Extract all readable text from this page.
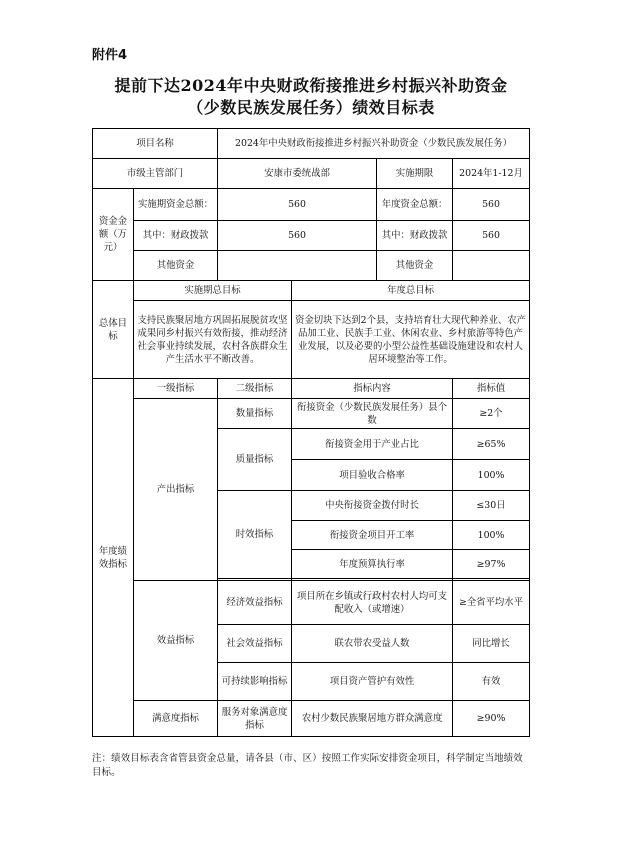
附件4
提前下达2024年中央财政衔接推进乡村振兴补助资金
（少数民族发展任务）绩效目标表
项目名称		2024年中央财政衔接推进乡村振兴补助资金（少数民族发展任务）			
市级主管部门		安康市委统战部		实施期限	2024年1-12月
资金金额（万元）	实施期资金总额：	560		年度资金总额：	560
	其中：财政拨款	560		其中：财政拨款	560
	其他资金			其他资金	
总体目标	实施期总目标		年度总目标		
	支持民族聚居地方巩固拓展脱贫攻坚成果同乡村振兴有效衔接，推动经济社会事业持续发展，农村各族群众生产生活水平不断改善。		资金切块下达到2个县，支持培育壮大现代种养业、农产品加工业、民族手工业、休闲农业、乡村旅游等特色产业发展，以及必要的小型公益性基础设施建设和农村人居环境整治等工作。		
年度绩效指标	一级指标	二级指标	指标内容		指标值
	产出指标	数量指标	衔接资金（少数民族发展任务）县个数		≥2个
		质量指标	衔接资金用于产业占比		≥65%
			项目验收合格率		100%
		时效指标	中央衔接资金拨付时长		≤30日
			衔接资金项目开工率		100%
			年度预算执行率		≥97%

	效益指标	经济效益指标	项目所在乡镇或行政村农村人均可支配收入（或增速）		≥全省平均水平
		社会效益指标	联农带农受益人数		同比增长
		可持续影响指标	项目资产管护有效性		有效
	满意度指标	服务对象满意度指标	农村少数民族聚居地方群众满意度		≥90%
注：绩效目标表含省管县资金总量，请各县（市、区）按照工作实际安排资金项目，科学制定当地绩效目标。
